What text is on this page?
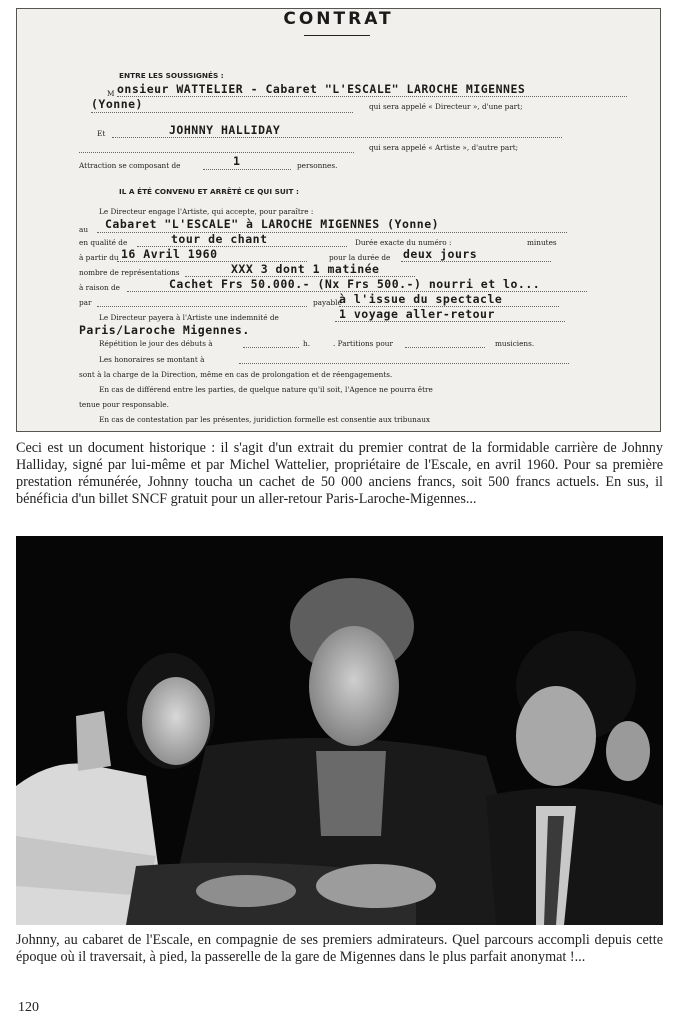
CONTRAT
ENTRE LES SOUSSIGNÉS :
M onsieur WATTELIER - Cabaret "L'ESCALE" LAROCHE MIGENNES
(Yonne)	qui sera appelé « Directeur », d'une part;
Et	JOHNNY HALLIDAY
qui sera appelé « Artiste », d'autre part;
Attraction se composant de	1	personnes.
IL A ÉTÉ CONVENU ET ARRÊTÉ CE QUI SUIT :
Le Directeur engage l'Artiste, qui accepte, pour paraître :
au Cabaret "L'ESCALE" à LAROCHE MIGENNES (Yonne)
en qualité de	tour de chant	Durée exacte du numéro :	minutes
à partir du 16 Avril 1960	pour la durée de deux jours
nombre de représentations	XXX 3 dont 1 matinée
à raison de	Cachet Frs 50.000.- (Nx Frs 500.-) nourri et lo...
par	payable
à l'issue du spectacle
Le Directeur payera à l'Artiste une indemnité de	1 voyage aller-retour
Paris/Laroche Migennes.
Répétition le jour des débuts à	h.	. Partitions pour	musiciens.
Les honoraires se montant à
sont à la charge de la Direction, même en cas de prolongation et de réengagements.
En cas de différend entre les parties, de quelque nature qu'il soit, l'Agence ne pourra être
tenue pour responsable.
En cas de contestation par les présentes, juridiction formelle est consentie aux tribunaux

Ceci est un document historique : il s'agit d'un extrait du premier contrat de la formidable carrière de Johnny Halliday, signé par lui-même et par Michel Wattelier, propriétaire de l'Escale, en avril 1960. Pour sa première prestation rémunérée, Johnny toucha un cachet de 50 000 anciens francs, soit 500 francs actuels. En sus, il bénéficia d'un billet SNCF gratuit pour un aller-retour Paris-Laroche-Migennes...

Johnny, au cabaret de l'Escale, en compagnie de ses premiers admirateurs. Quel parcours accompli depuis cette époque où il traversait, à pied, la passerelle de la gare de Migennes dans le plus parfait anonymat !...

120
